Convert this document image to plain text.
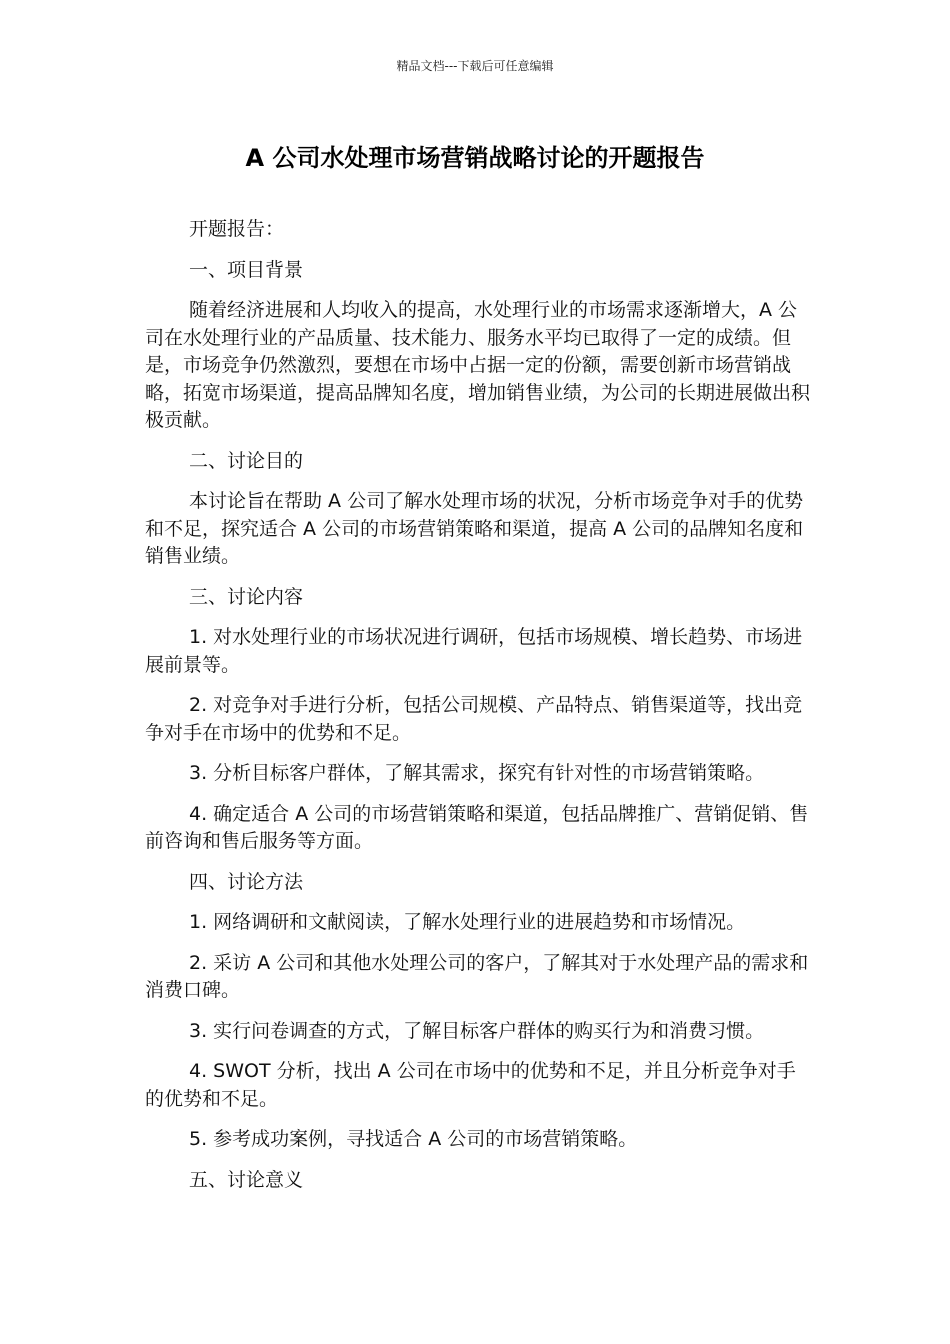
精品文档---下载后可任意编辑
A 公司水处理市场营销战略讨论的开题报告

开题报告：

一、项目背景

随着经济进展和人均收入的提高，水处理行业的市场需求逐渐增大，A 公司在水处理行业的产品质量、技术能力、服务水平均已取得了一定的成绩。但是，市场竞争仍然激烈，要想在市场中占据一定的份额，需要创新市场营销战略，拓宽市场渠道，提高品牌知名度，增加销售业绩，为公司的长期进展做出积极贡献。

二、讨论目的

本讨论旨在帮助 A 公司了解水处理市场的状况，分析市场竞争对手的优势和不足，探究适合 A 公司的市场营销策略和渠道，提高 A 公司的品牌知名度和销售业绩。

三、讨论内容

1. 对水处理行业的市场状况进行调研，包括市场规模、增长趋势、市场进展前景等。

2. 对竞争对手进行分析，包括公司规模、产品特点、销售渠道等，找出竞争对手在市场中的优势和不足。

3. 分析目标客户群体，了解其需求，探究有针对性的市场营销策略。

4. 确定适合 A 公司的市场营销策略和渠道，包括品牌推广、营销促销、售前咨询和售后服务等方面。

四、讨论方法

1. 网络调研和文献阅读，了解水处理行业的进展趋势和市场情况。

2. 采访 A 公司和其他水处理公司的客户，了解其对于水处理产品的需求和消费口碑。

3. 实行问卷调查的方式，了解目标客户群体的购买行为和消费习惯。

4. SWOT 分析，找出 A 公司在市场中的优势和不足，并且分析竞争对手的优势和不足。

5. 参考成功案例，寻找适合 A 公司的市场营销策略。

五、讨论意义
